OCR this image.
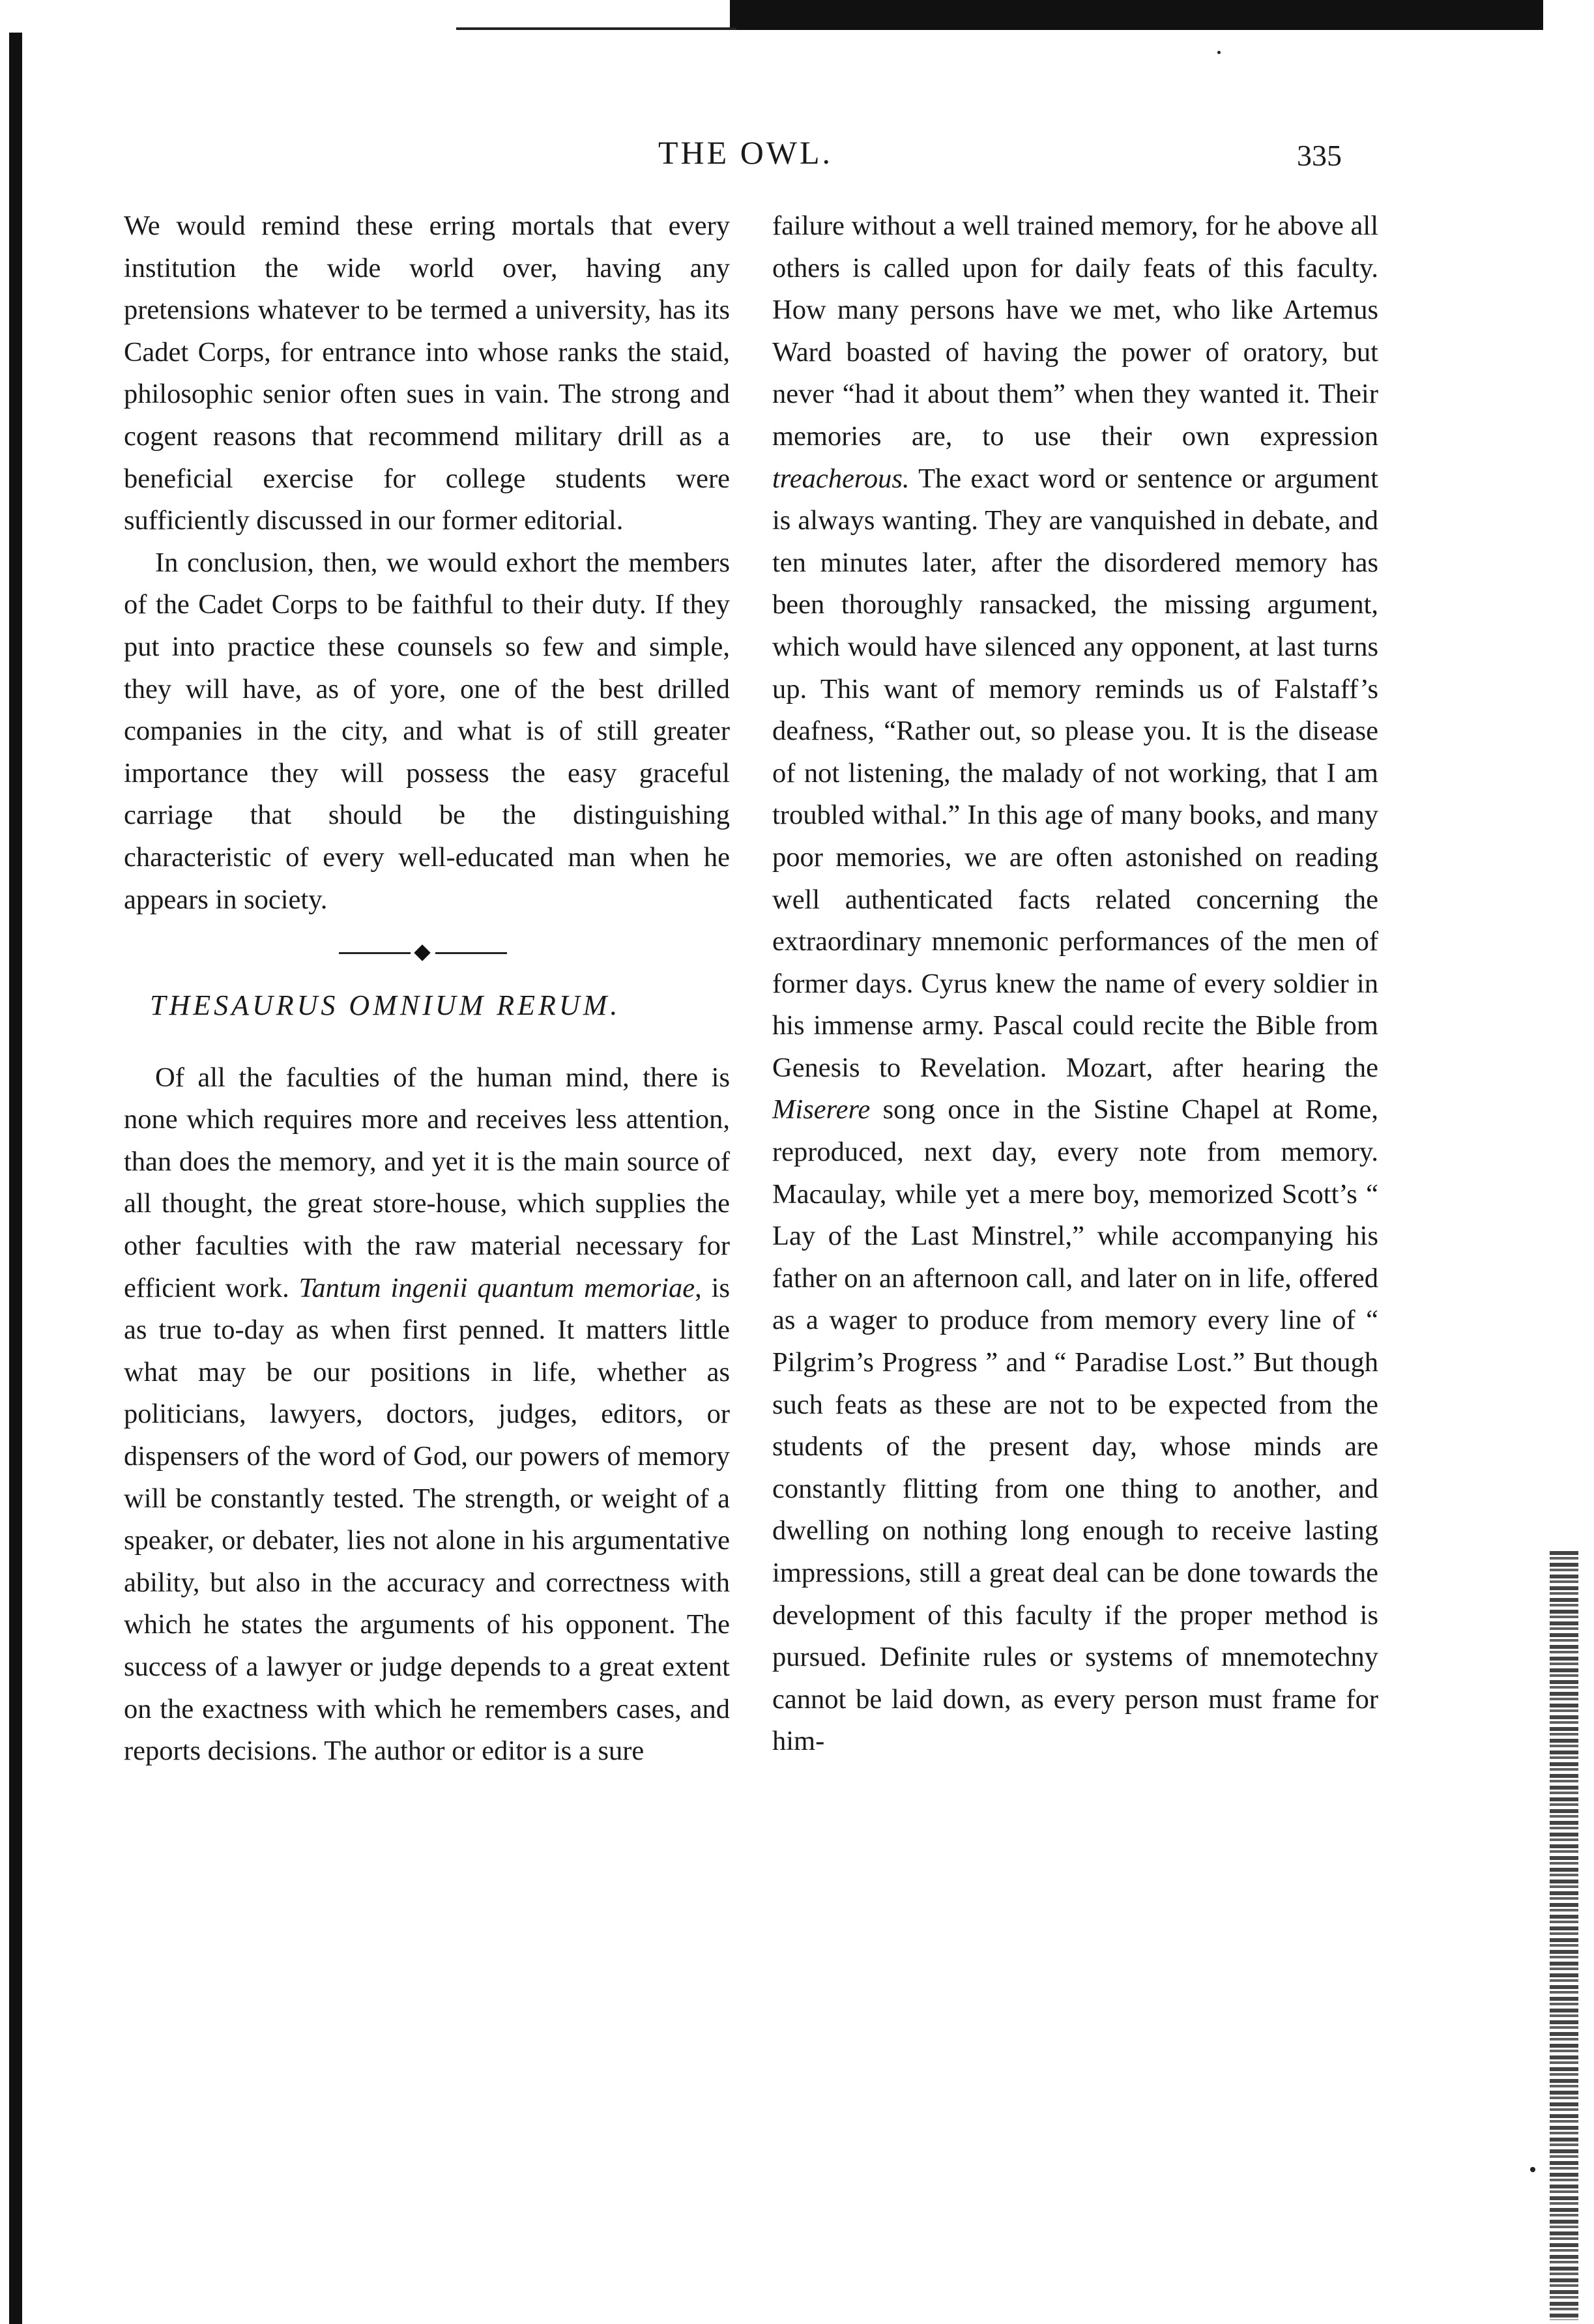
THE OWL.	335

We would remind these erring mortals that every institution the wide world over, having any pretensions whatever to be termed a university, has its Cadet Corps, for entrance into whose ranks the staid, philosophic senior often sues in vain. The strong and cogent reasons that recommend military drill as a beneficial exercise for college students were sufficiently discussed in our former editorial.

In conclusion, then, we would exhort the members of the Cadet Corps to be faithful to their duty. If they put into practice these counsels so few and simple, they will have, as of yore, one of the best drilled companies in the city, and what is of still greater importance they will possess the easy graceful carriage that should be the distinguishing characteristic of every well-educated man when he appears in society.

THESAURUS OMNIUM RERUM.

Of all the faculties of the human mind, there is none which requires more and receives less attention, than does the memory, and yet it is the main source of all thought, the great store-house, which supplies the other faculties with the raw material necessary for efficient work. Tantum ingenii quantum memoriae, is as true to-day as when first penned. It matters little what may be our positions in life, whether as politicians, lawyers, doctors, judges, editors, or dispensers of the word of God, our powers of memory will be constantly tested. The strength, or weight of a speaker, or debater, lies not alone in his argumentative ability, but also in the accuracy and correctness with which he states the arguments of his opponent. The success of a lawyer or judge depends to a great extent on the exactness with which he remembers cases, and reports decisions. The author or editor is a sure

failure without a well trained memory, for he above all others is called upon for daily feats of this faculty. How many persons have we met, who like Artemus Ward boasted of having the power of oratory, but never “had it about them” when they wanted it. Their memories are, to use their own expression treacherous. The exact word or sentence or argument is always wanting. They are vanquished in debate, and ten minutes later, after the disordered memory has been thoroughly ransacked, the missing argument, which would have silenced any opponent, at last turns up. This want of memory reminds us of Falstaff’s deafness, “Rather out, so please you. It is the disease of not listening, the malady of not working, that I am troubled withal.” In this age of many books, and many poor memories, we are often astonished on reading well authenticated facts related concerning the extraordinary mnemonic performances of the men of former days. Cyrus knew the name of every soldier in his immense army. Pascal could recite the Bible from Genesis to Revelation. Mozart, after hearing the Miserere song once in the Sistine Chapel at Rome, reproduced, next day, every note from memory. Macaulay, while yet a mere boy, memorized Scott’s “ Lay of the Last Minstrel,” while accompanying his father on an afternoon call, and later on in life, offered as a wager to produce from memory every line of “ Pilgrim’s Progress ” and “ Paradise Lost.” But though such feats as these are not to be expected from the students of the present day, whose minds are constantly flitting from one thing to another, and dwelling on nothing long enough to receive lasting impressions, still a great deal can be done towards the development of this faculty if the proper method is pursued. Definite rules or systems of mnemotechny cannot be laid down, as every person must frame for him-
